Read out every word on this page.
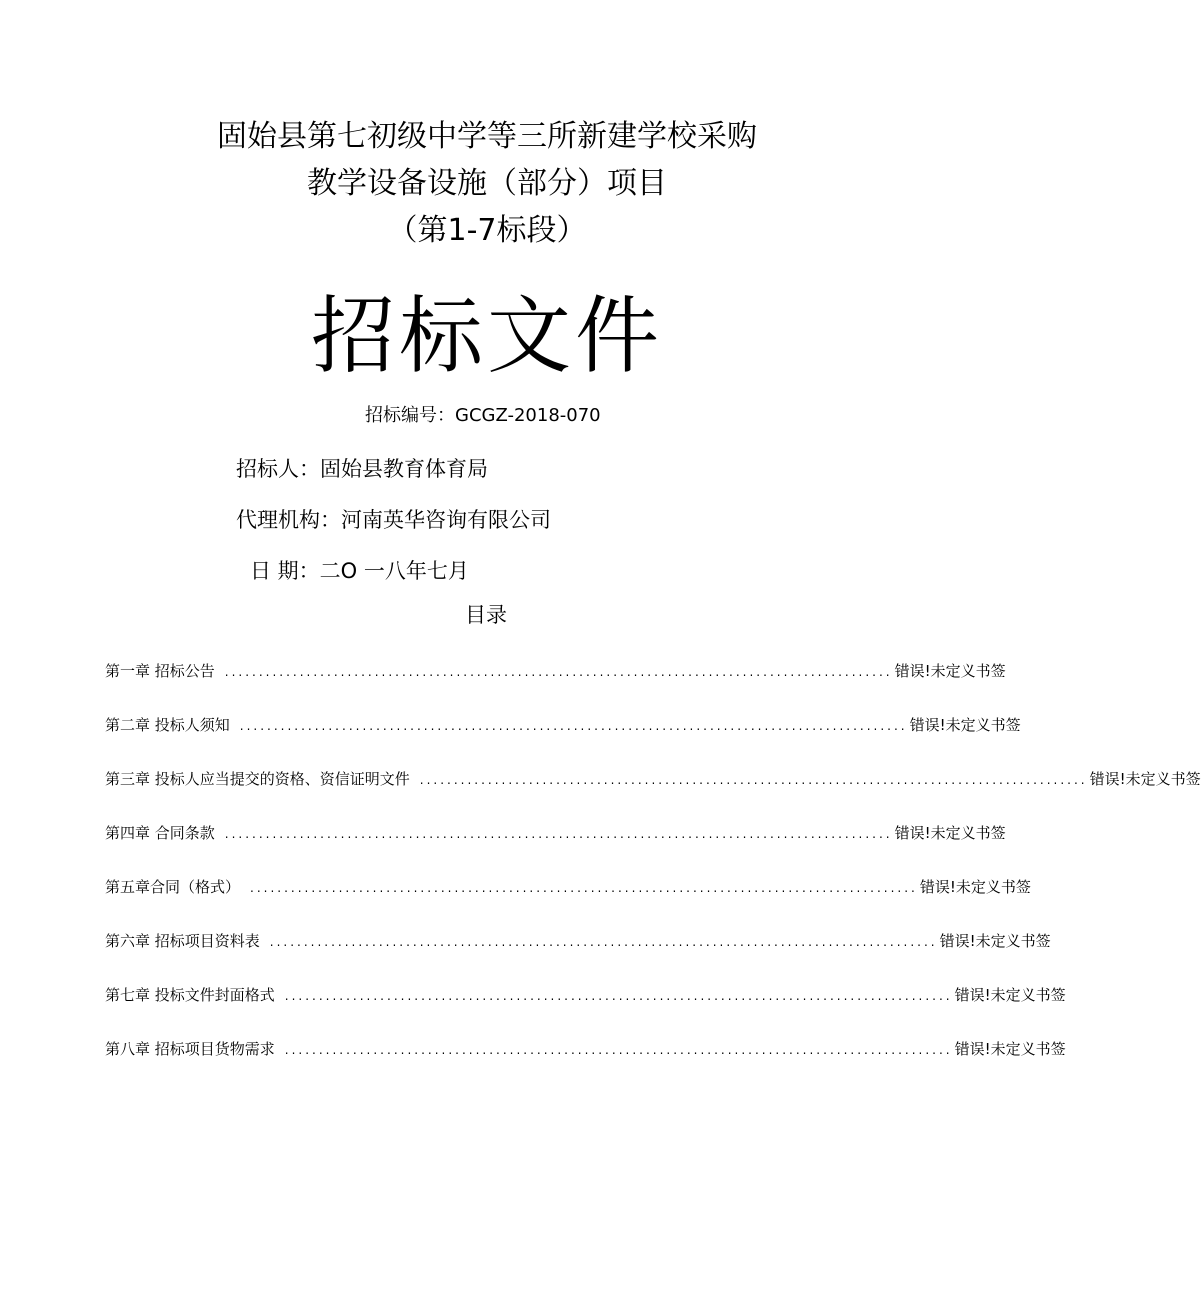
固始县第七初级中学等三所新建学校采购
教学设备设施（部分）项目
（第1-7标段）
招标文件
招标编号：GCGZ-2018-070
招标人：固始县教育体育局
代理机构：河南英华咨询有限公司
日 期：二O 一八年七月
目录
第一章 招标公告 .................................................................................................. 错误!未定义书签
第二章 投标人须知 .................................................................................................. 错误!未定义书签
第三章 投标人应当提交的资格、资信证明文件 .................................................................................................. 错误!未定义书签
第四章 合同条款 .................................................................................................. 错误!未定义书签
第五章合同（格式） .................................................................................................. 错误!未定义书签
第六章 招标项目资料表 .................................................................................................. 错误!未定义书签
第七章 投标文件封面格式 .................................................................................................. 错误!未定义书签
第八章 招标项目货物需求 .................................................................................................. 错误!未定义书签
